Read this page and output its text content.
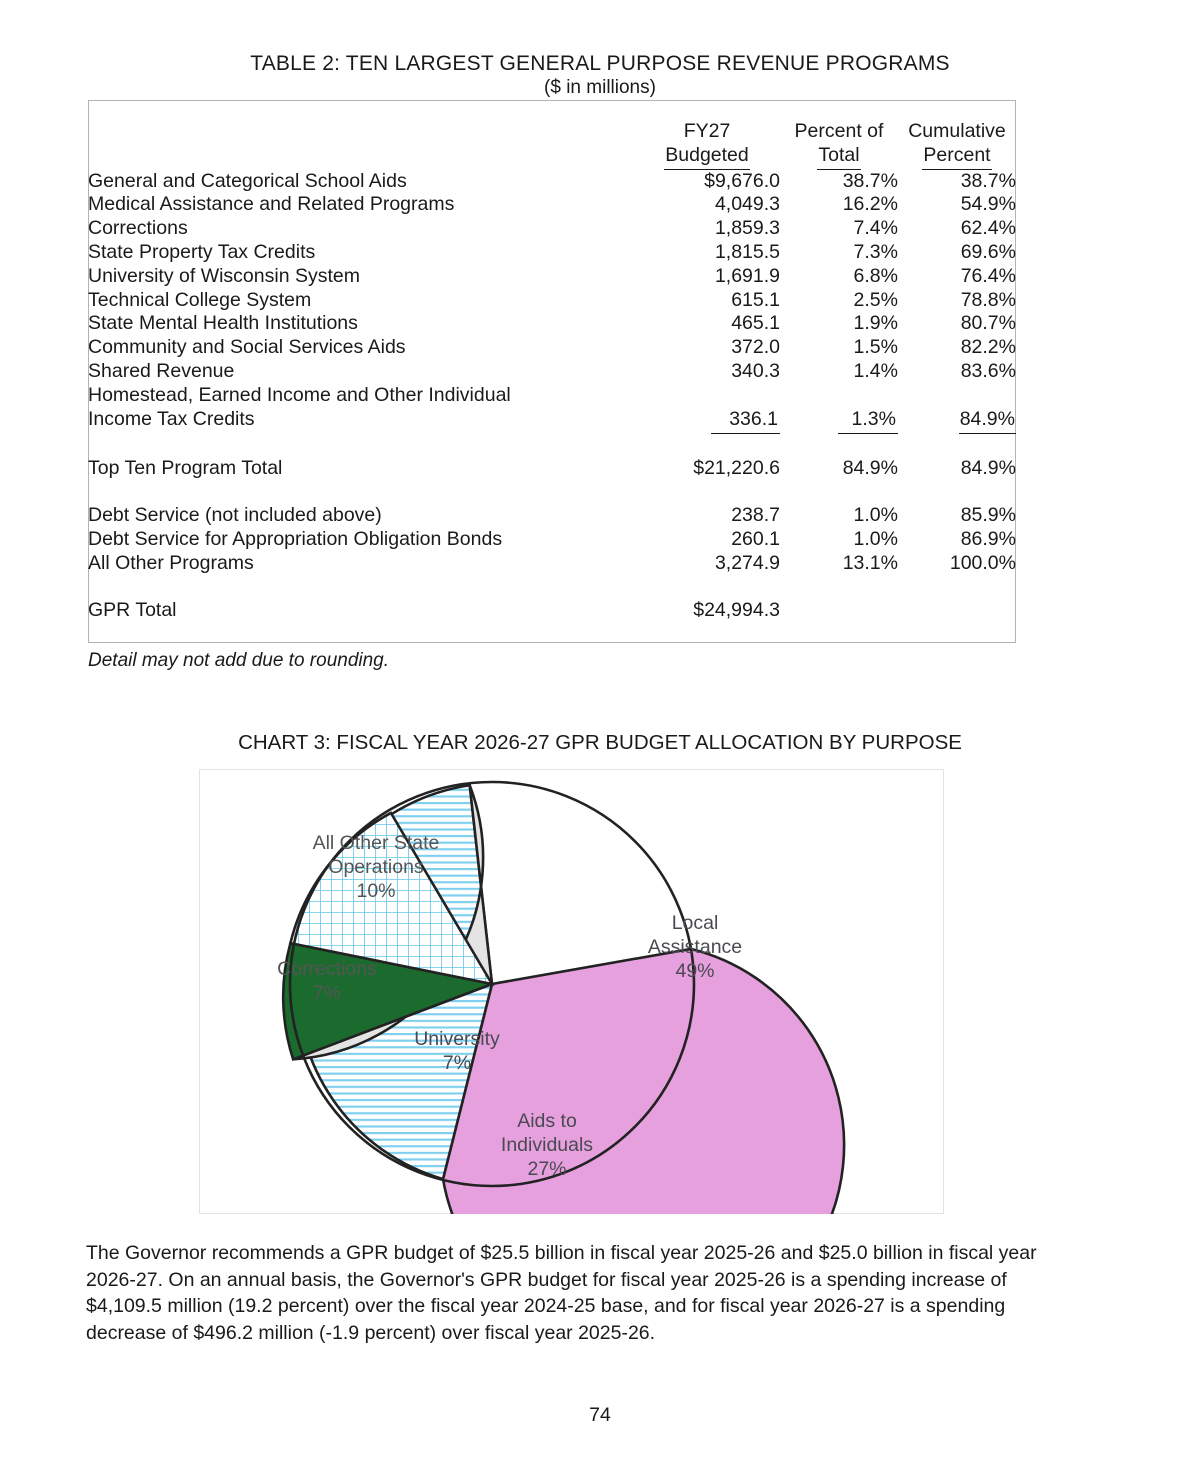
TABLE 2: TEN LARGEST GENERAL PURPOSE REVENUE PROGRAMS
($ in millions)
	FY27	Percent of	Cumulative
	Budgeted	Total	Percent
General and Categorical School Aids	$9,676.0	38.7%	38.7%
Medical Assistance and Related Programs	4,049.3	16.2%	54.9%
Corrections	1,859.3	7.4%	62.4%
State Property Tax Credits	1,815.5	7.3%	69.6%
University of Wisconsin System	1,691.9	6.8%	76.4%
Technical College System	615.1	2.5%	78.8%
State Mental Health Institutions	465.1	1.9%	80.7%
Community and Social Services Aids	372.0	1.5%	82.2%
Shared Revenue	340.3	1.4%	83.6%
Homestead, Earned Income and Other Individual			
Income Tax Credits	336.1	1.3%	84.9%

Top Ten Program Total	$21,220.6	84.9%	84.9%

Debt Service (not included above)	238.7	1.0%	85.9%
Debt Service for Appropriation Obligation Bonds	260.1	1.0%	86.9%
All Other Programs	3,274.9	13.1%	100.0%

GPR Total	$24,994.3		
Detail may not add due to rounding.
CHART 3: FISCAL YEAR 2026-27 GPR BUDGET ALLOCATION BY PURPOSE
All Other State
Operations
10%
Corrections
7%
University
7%
Aids to
Individuals
27%
Local
Assistance
49%
The Governor recommends a GPR budget of $25.5 billion in fiscal year 2025-26 and $25.0 billion in fiscal year 2026-27. On an annual basis, the Governor's GPR budget for fiscal year 2025-26 is a spending increase of $4,109.5 million (19.2 percent) over the fiscal year 2024-25 base, and for fiscal year 2026-27 is a spending decrease of $496.2 million (-1.9 percent) over fiscal year 2025-26.
74
